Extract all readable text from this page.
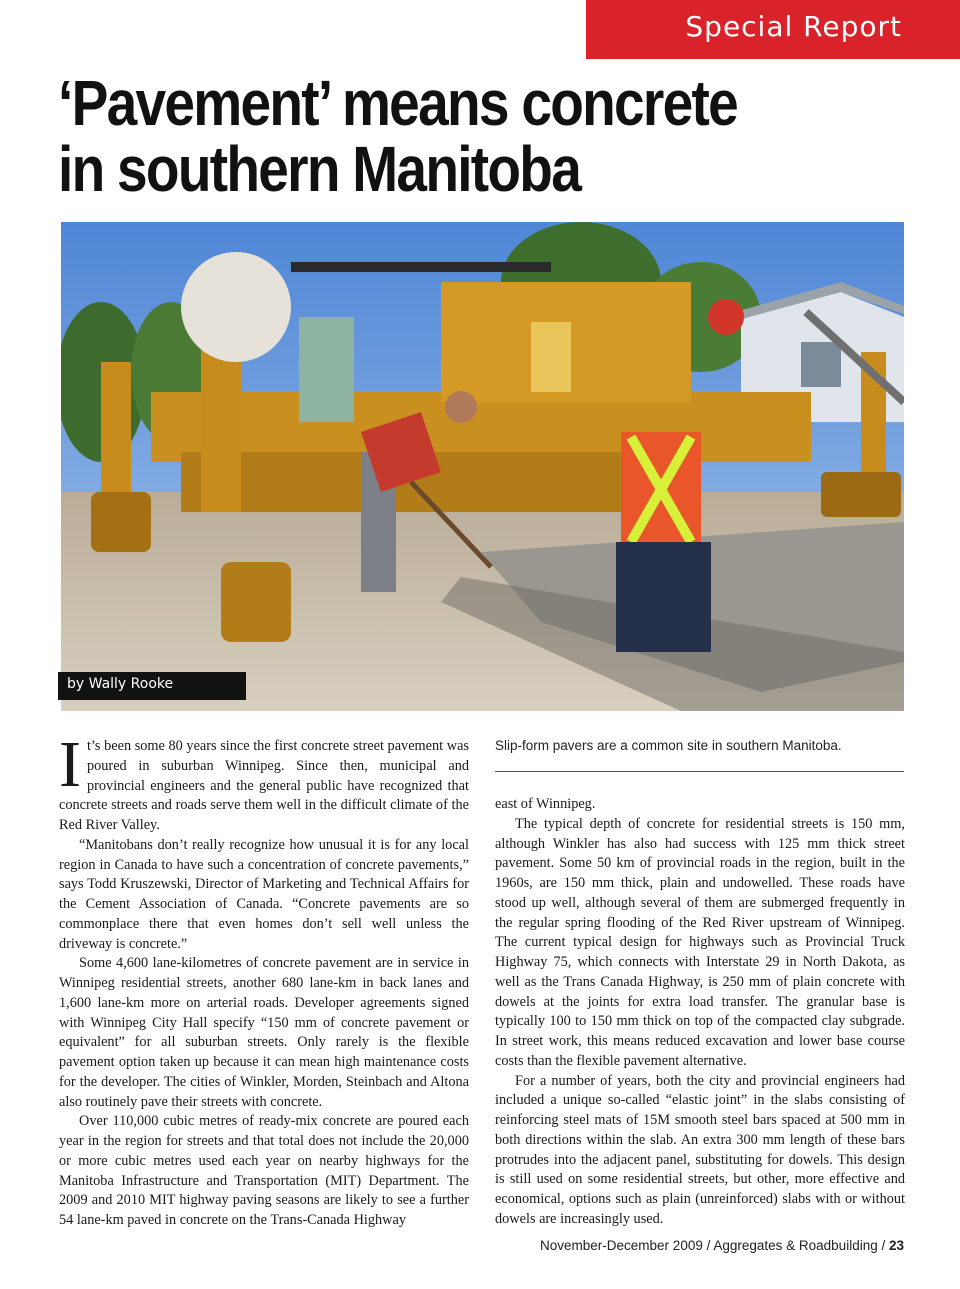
Special Report
‘Pavement’ means concrete
in southern Manitoba
by Wally Rooke
Slip-form pavers are a common site in southern Manitoba.

It’s been some 80 years since the first concrete street pavement was poured in suburban Winnipeg. Since then, municipal and provincial engineers and the general public have recognized that concrete streets and roads serve them well in the difficult climate of the Red River Valley.

“Manitobans don’t really recognize how unusual it is for any local region in Canada to have such a concentration of concrete pavements,” says Todd Kruszewski, Director of Marketing and Technical Affairs for the Cement Association of Canada. “Concrete pavements are so commonplace there that even homes don’t sell well unless the driveway is concrete.”

Some 4,600 lane-kilometres of concrete pavement are in service in Winnipeg residential streets, another 680 lane-km in back lanes and 1,600 lane-km more on arterial roads. Developer agreements signed with Winnipeg City Hall specify “150 mm of concrete pavement or equivalent” for all suburban streets. Only rarely is the flexible pavement option taken up because it can mean high maintenance costs for the developer. The cities of Winkler, Morden, Steinbach and Altona also routinely pave their streets with concrete.

Over 110,000 cubic metres of ready-mix concrete are poured each year in the region for streets and that total does not include the 20,000 or more cubic metres used each year on nearby highways for the Manitoba Infrastructure and Transportation (MIT) Department. The 2009 and 2010 MIT highway paving seasons are likely to see a further 54 lane-km paved in concrete on the Trans-Canada Highway

east of Winnipeg.

The typical depth of concrete for residential streets is 150 mm, although Winkler has also had success with 125 mm thick street pavement. Some 50 km of provincial roads in the region, built in the 1960s, are 150 mm thick, plain and undowelled. These roads have stood up well, although several of them are submerged frequently in the regular spring flooding of the Red River upstream of Winnipeg. The current typical design for highways such as Provincial Truck Highway 75, which connects with Interstate 29 in North Dakota, as well as the Trans Canada Highway, is 250 mm of plain concrete with dowels at the joints for extra load transfer. The granular base is typically 100 to 150 mm thick on top of the compacted clay subgrade. In street work, this means reduced excavation and lower base course costs than the flexible pavement alternative.

For a number of years, both the city and provincial engineers had included a unique so-called “elastic joint” in the slabs consisting of reinforcing steel mats of 15M smooth steel bars spaced at 500 mm in both directions within the slab. An extra 300 mm length of these bars protrudes into the adjacent panel, substituting for dowels. This design is still used on some residential streets, but other, more effective and economical, options such as plain (unreinforced) slabs with or without dowels are increasingly used.

November-December 2009 / Aggregates & Roadbuilding / 23
